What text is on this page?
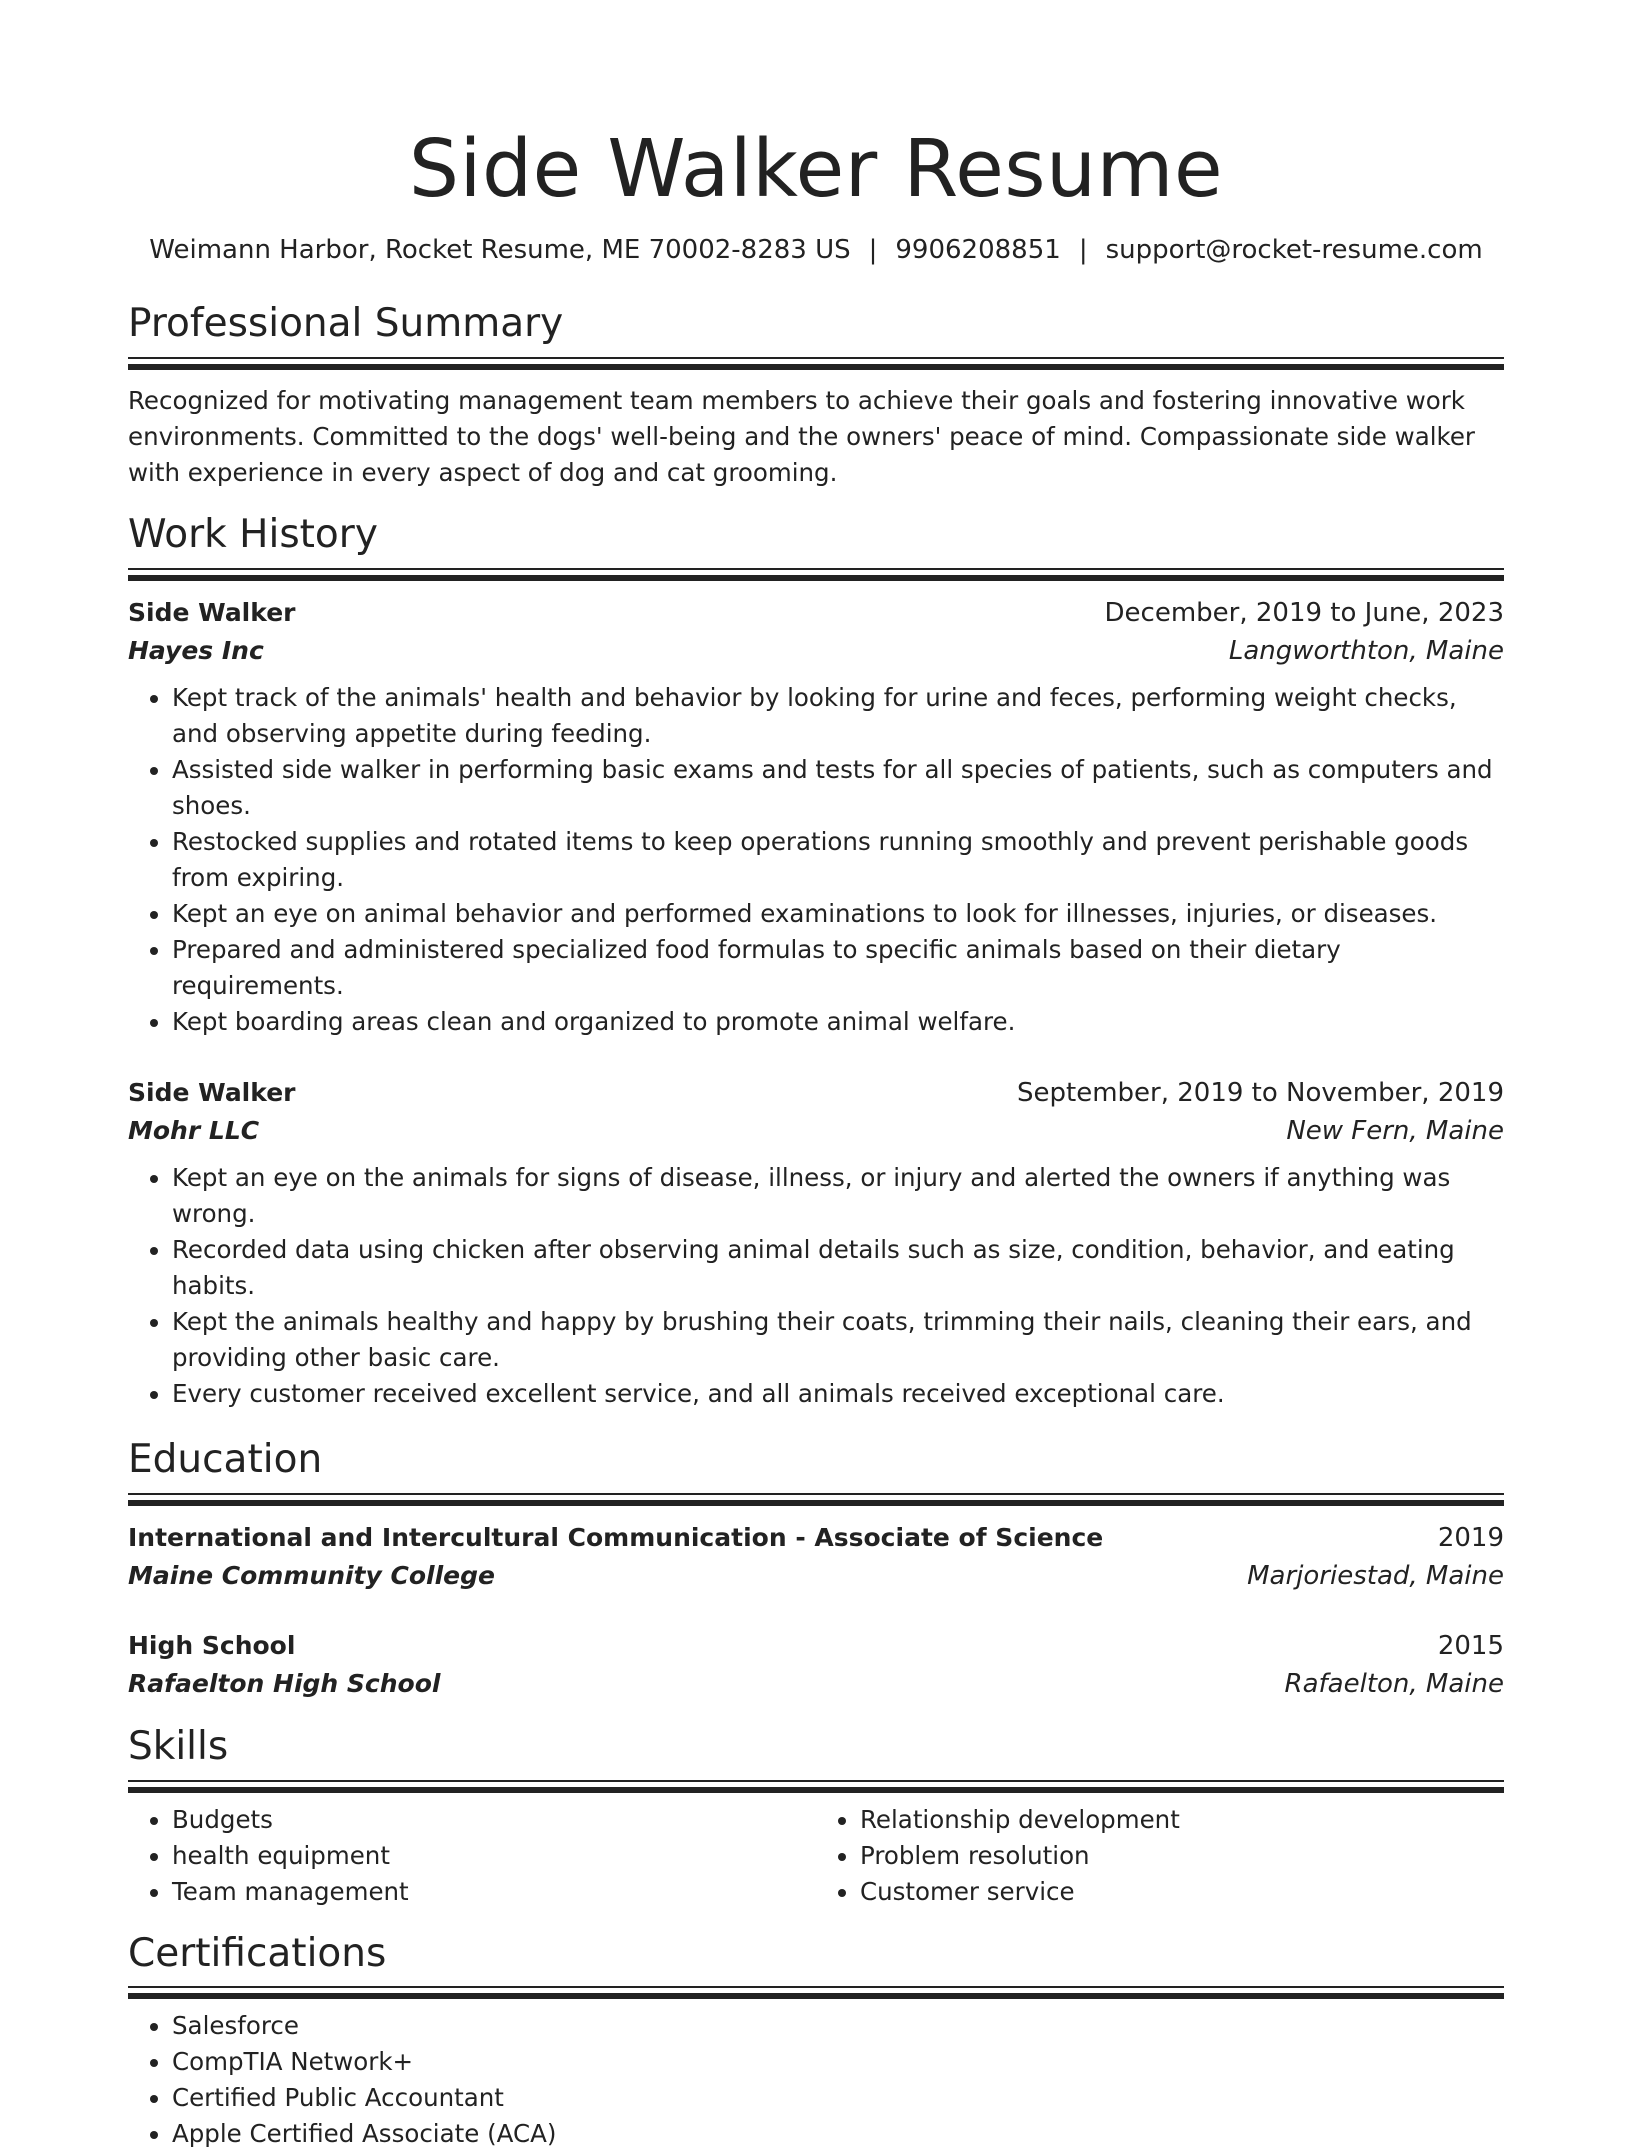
Side Walker Resume
Weimann Harbor, Rocket Resume, ME 70002-8283 US | 9906208851 | support@rocket-resume.com
Professional Summary
Recognized for motivating management team members to achieve their goals and fostering innovative work environments. Committed to the dogs' well-being and the owners' peace of mind. Compassionate side walker with experience in every aspect of dog and cat grooming.
Work History
Side Walker	December, 2019 to June, 2023
Hayes Inc	Langworthton, Maine
• Kept track of the animals' health and behavior by looking for urine and feces, performing weight checks, and observing appetite during feeding.
• Assisted side walker in performing basic exams and tests for all species of patients, such as computers and shoes.
• Restocked supplies and rotated items to keep operations running smoothly and prevent perishable goods from expiring.
• Kept an eye on animal behavior and performed examinations to look for illnesses, injuries, or diseases.
• Prepared and administered specialized food formulas to specific animals based on their dietary requirements.
• Kept boarding areas clean and organized to promote animal welfare.
Side Walker	September, 2019 to November, 2019
Mohr LLC	New Fern, Maine
• Kept an eye on the animals for signs of disease, illness, or injury and alerted the owners if anything was wrong.
• Recorded data using chicken after observing animal details such as size, condition, behavior, and eating habits.
• Kept the animals healthy and happy by brushing their coats, trimming their nails, cleaning their ears, and providing other basic care.
• Every customer received excellent service, and all animals received exceptional care.
Education
International and Intercultural Communication - Associate of Science	2019
Maine Community College	Marjoriestad, Maine
High School	2015
Rafaelton High School	Rafaelton, Maine
Skills
• Budgets
• health equipment
• Team management
• Relationship development
• Problem resolution
• Customer service
Certifications
• Salesforce
• CompTIA Network+
• Certified Public Accountant
• Apple Certified Associate (ACA)
